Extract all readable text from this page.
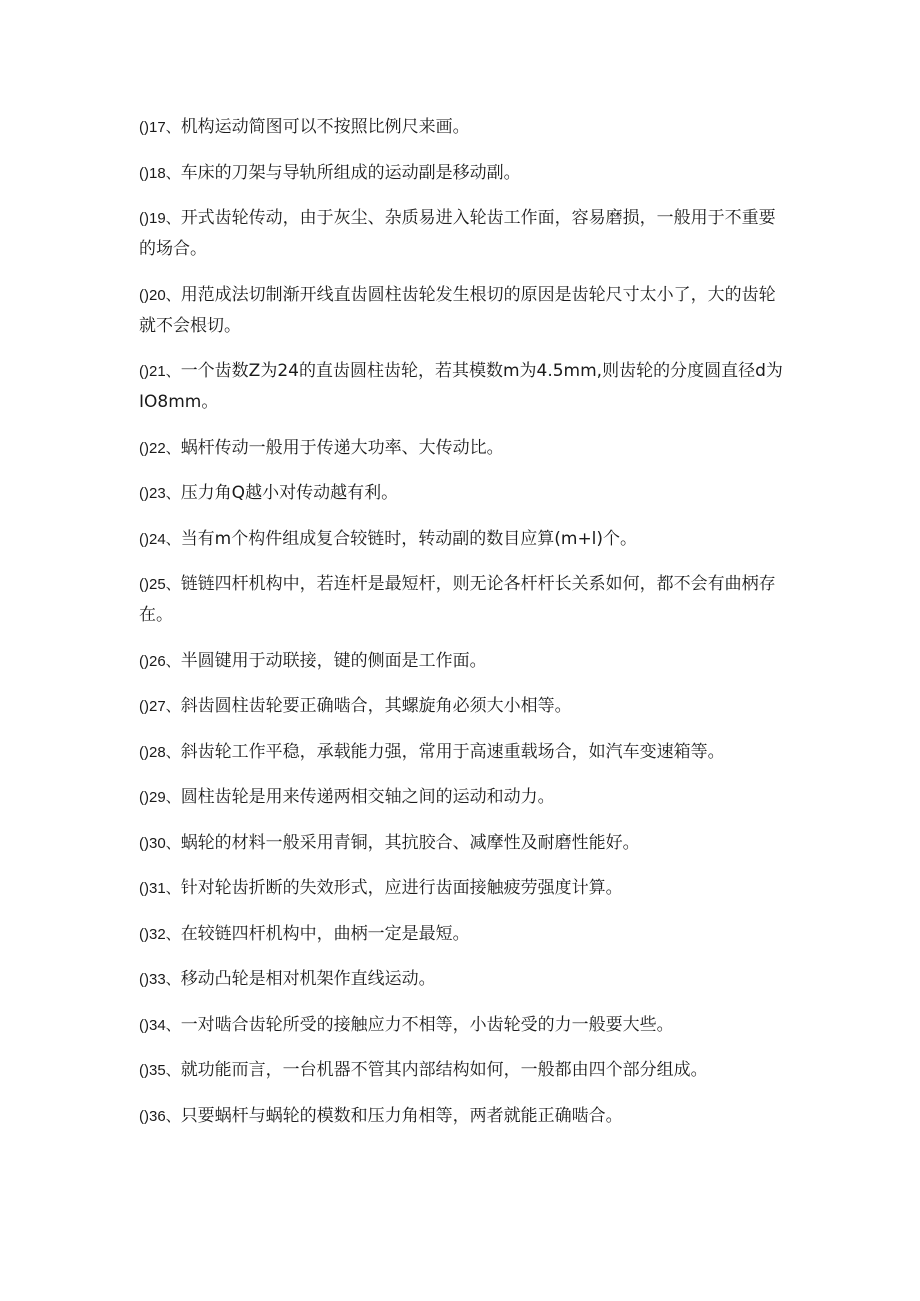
()17、机构运动简图可以不按照比例尺来画。
()18、车床的刀架与导轨所组成的运动副是移动副。
()19、开式齿轮传动，由于灰尘、杂质易进入轮齿工作面，容易磨损，一般用于不重要的场合。
()20、用范成法切制渐开线直齿圆柱齿轮发生根切的原因是齿轮尺寸太小了，大的齿轮就不会根切。
()21、一个齿数Z为24的直齿圆柱齿轮，若其模数m为4.5mm,则齿轮的分度圆直径d为IO8mm。
()22、蜗杆传动一般用于传递大功率、大传动比。
()23、压力角Q越小对传动越有利。
()24、当有m个构件组成复合较链时，转动副的数目应算(m+l)个。
()25、链链四杆机构中，若连杆是最短杆，则无论各杆杆长关系如何，都不会有曲柄存在。
()26、半圆键用于动联接，键的侧面是工作面。
()27、斜齿圆柱齿轮要正确啮合，其螺旋角必须大小相等。
()28、斜齿轮工作平稳，承载能力强，常用于高速重载场合，如汽车变速箱等。
()29、圆柱齿轮是用来传递两相交轴之间的运动和动力。
()30、蜗轮的材料一般采用青铜，其抗胶合、减摩性及耐磨性能好。
()31、针对轮齿折断的失效形式，应进行齿面接触疲劳强度计算。
()32、在较链四杆机构中，曲柄一定是最短。
()33、移动凸轮是相对机架作直线运动。
()34、一对啮合齿轮所受的接触应力不相等，小齿轮受的力一般要大些。
()35、就功能而言，一台机器不管其内部结构如何，一般都由四个部分组成。
()36、只要蜗杆与蜗轮的模数和压力角相等，两者就能正确啮合。
